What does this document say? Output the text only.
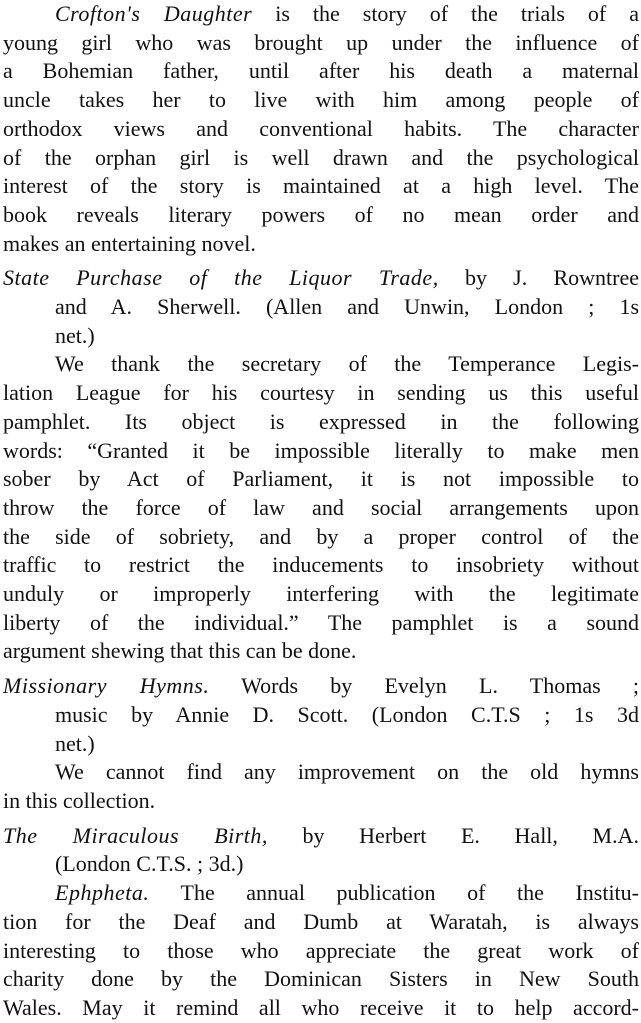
Crofton's Daughter is the story of the trials of a
young girl who was brought up under the influence of
a Bohemian father, until after his death a maternal
uncle takes her to live with him among people of
orthodox views and conventional habits. The character
of the orphan girl is well drawn and the psychological
interest of the story is maintained at a high level. The
book reveals literary powers of no mean order and
makes an entertaining novel.
State Purchase of the Liquor Trade, by J. Rowntree
and A. Sherwell. (Allen and Unwin, London ; 1s
net.)
We thank the secretary of the Temperance Legis-
lation League for his courtesy in sending us this useful
pamphlet. Its object is expressed in the following
words: “Granted it be impossible literally to make men
sober by Act of Parliament, it is not impossible to
throw the force of law and social arrangements upon
the side of sobriety, and by a proper control of the
traffic to restrict the inducements to insobriety without
unduly or improperly interfering with the legitimate
liberty of the individual.” The pamphlet is a sound
argument shewing that this can be done.
Missionary Hymns. Words by Evelyn L. Thomas ;
music by Annie D. Scott. (London C.T.S ; 1s 3d
net.)
We cannot find any improvement on the old hymns
in this collection.
The Miraculous Birth, by Herbert E. Hall, M.A.
(London C.T.S. ; 3d.)
Ephpheta. The annual publication of the Institu-
tion for the Deaf and Dumb at Waratah, is always
interesting to those who appreciate the great work of
charity done by the Dominican Sisters in New South
Wales. May it remind all who receive it to help accord-
